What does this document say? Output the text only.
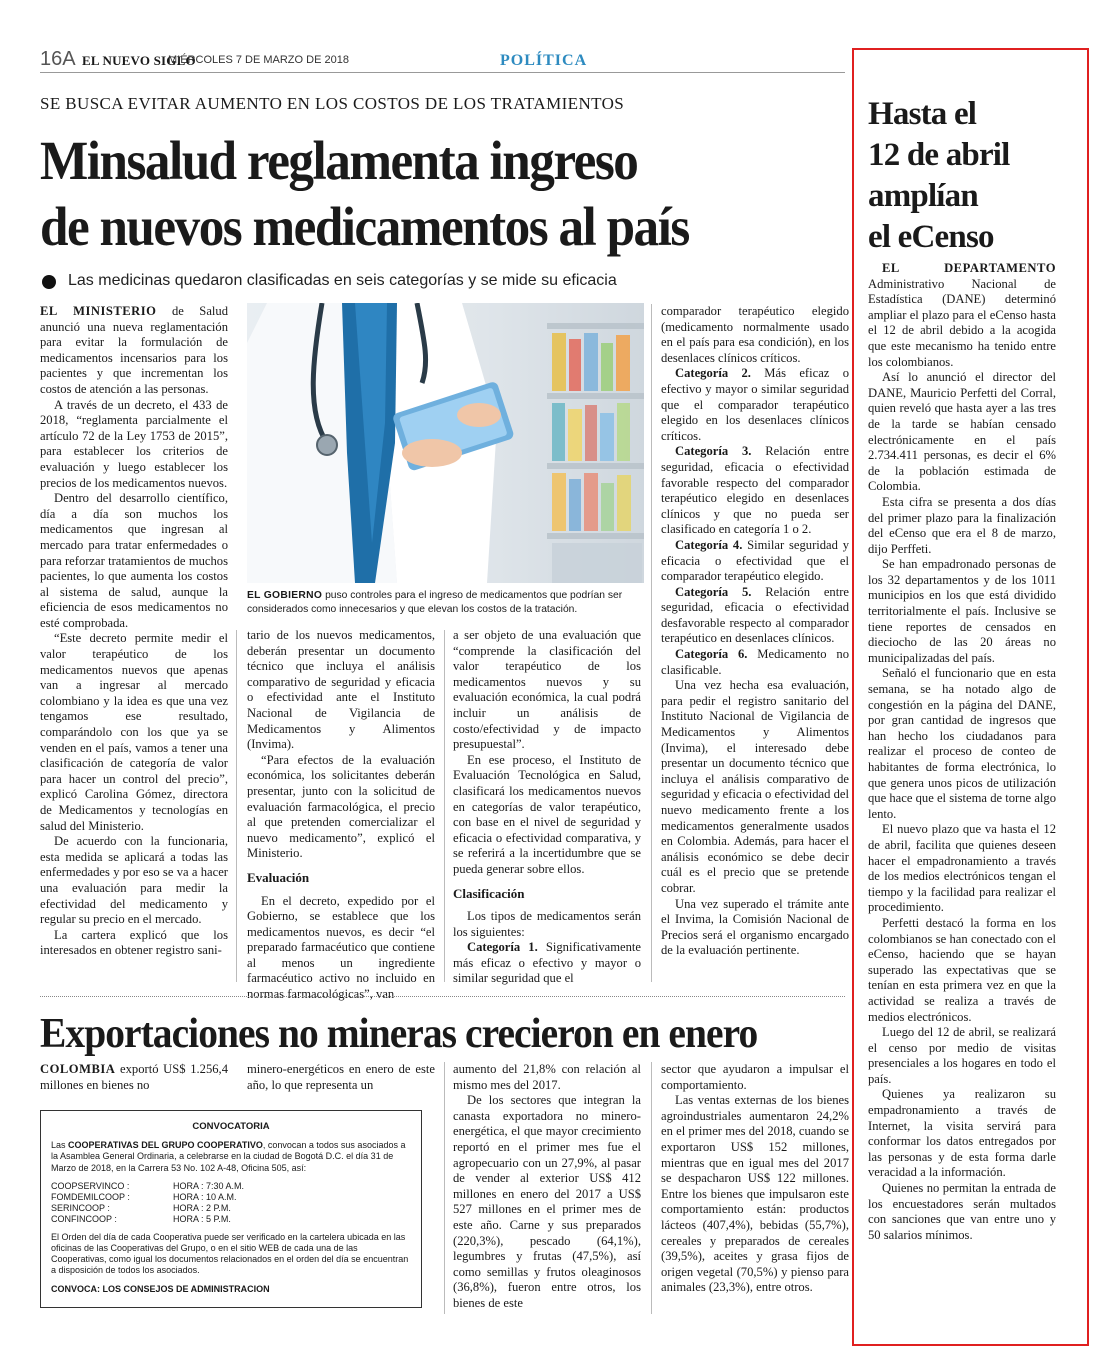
16A EL NUEVO SIGLO
MIÉRCOLES 7 DE MARZO DE 2018	POLÍTICA
SE BUSCA EVITAR AUMENTO EN LOS COSTOS DE LOS TRATAMIENTOS
Minsalud reglamenta ingreso
de nuevos medicamentos al país
Las medicinas quedaron clasificadas en seis categorías y se mide su eficacia

EL MINISTERIO de Salud anunció una nueva reglamentación para evitar la formulación de medicamentos incensarios para los pacientes y que incrementan los costos de atención a las personas.

A través de un decreto, el 433 de 2018, “reglamenta parcialmente el artículo 72 de la Ley 1753 de 2015”, para establecer los criterios de evaluación y luego establecer los precios de los medicamentos nuevos.

Dentro del desarrollo científico, día a día son muchos los medicamentos que ingresan al mercado para tratar enfermedades o para reforzar tratamientos de muchos pacientes, lo que aumenta los costos al sistema de salud, aunque la eficiencia de esos medicamentos no esté comprobada.

“Este decreto permite medir el valor terapéutico de los medicamentos nuevos que apenas van a ingresar al mercado colombiano y la idea es que una vez tengamos ese resultado, comparándolo con los que ya se venden en el país, vamos a tener una clasificación de categoría de valor para hacer un control del precio”, explicó Carolina Gómez, directora de Medicamentos y tecnologías en salud del Ministerio.

De acuerdo con la funcionaria, esta medida se aplicará a todas las enfermedades y por eso se va a hacer una evaluación para medir la efectividad del medicamento y regular su precio en el mercado.

La cartera explicó que los interesados en obtener registro sani-

EL GOBIERNO puso controles para el ingreso de medicamentos que podrían ser considerados como innecesarios y que elevan los costos de la tratación.

tario de los nuevos medicamentos, deberán presentar un documento técnico que incluya el análisis comparativo de seguridad y eficacia o efectividad ante el Instituto Nacional de Vigilancia de Medicamentos y Alimentos (Invima).

“Para efectos de la evaluación económica, los solicitantes deberán presentar, junto con la solicitud de evaluación farmacológica, el precio al que pretenden comercializar el nuevo medicamento”, explicó el Ministerio.

Evaluación

En el decreto, expedido por el Gobierno, se establece que los medicamentos nuevos, es decir “el preparado farmacéutico que contiene al menos un ingrediente farmacéutico activo no incluido en normas farmacológicas”, van

a ser objeto de una evaluación que “comprende la clasificación del valor terapéutico de los medicamentos nuevos y su evaluación económica, la cual podrá incluir un análisis de costo/efectividad y de impacto presupuestal”.

En ese proceso, el Instituto de Evaluación Tecnológica en Salud, clasificará los medicamentos nuevos en categorías de valor terapéutico, con base en el nivel de seguridad y eficacia o efectividad comparativa, y se referirá a la incertidumbre que se pueda generar sobre ellos.

Clasificación

Los tipos de medicamentos serán los siguientes:

Categoría 1. Significativamente más eficaz o efectivo y mayor o similar seguridad que el

comparador terapéutico elegido (medicamento normalmente usado en el país para esa condición), en los desenlaces clínicos críticos.

Categoría 2. Más eficaz o efectivo y mayor o similar seguridad que el comparador terapéutico elegido en los desenlaces clínicos críticos.

Categoría 3. Relación entre seguridad, eficacia o efectividad favorable respecto del comparador terapéutico elegido en desenlaces clínicos y que no pueda ser clasificado en categoría 1 o 2.

Categoría 4. Similar seguridad y eficacia o efectividad que el comparador terapéutico elegido.

Categoría 5. Relación entre seguridad, eficacia o efectividad desfavorable respecto al comparador terapéutico en desenlaces clínicos.

Categoría 6. Medicamento no clasificable.

Una vez hecha esa evaluación, para pedir el registro sanitario del Instituto Nacional de Vigilancia de Medicamentos y Alimentos (Invima), el interesado debe presentar un documento técnico que incluya el análisis comparativo de seguridad y eficacia o efectividad del nuevo medicamento frente a los medicamentos generalmente usados en Colombia. Además, para hacer el análisis económico se debe decir cuál es el precio que se pretende cobrar.

Una vez superado el trámite ante el Invima, la Comisión Nacional de Precios será el organismo encargado de la evaluación pertinente.

Exportaciones no mineras crecieron en enero

COLOMBIA exportó US$ 1.256,4 millones en bienes no

minero-energéticos en enero de este año, lo que representa un

aumento del 21,8% con relación al mismo mes del 2017.

De los sectores que integran la canasta exportadora no minero-energética, el que mayor crecimiento reportó en el primer mes fue el agropecuario con un 27,9%, al pasar de vender al exterior US$ 412 millones en enero del 2017 a US$ 527 millones en el primer mes de este año. Carne y sus preparados (220,3%), pescado (64,1%), legumbres y frutas (47,5%), así como semillas y frutos oleaginosos (36,8%), fueron entre otros, los bienes de este

sector que ayudaron a impulsar el comportamiento.

Las ventas externas de los bienes agroindustriales aumentaron 24,2% en el primer mes del 2018, cuando se exportaron US$ 152 millones, mientras que en igual mes del 2017 se despacharon US$ 122 millones. Entre los bienes que impulsaron este comportamiento están: productos lácteos (407,4%), bebidas (55,7%), cereales y preparados de cereales (39,5%), aceites y grasa fijos de origen vegetal (70,5%) y pienso para animales (23,3%), entre otros.

CONVOCATORIA
Las COOPERATIVAS DEL GRUPO COOPERATIVO, convocan a todos sus asociados a la Asamblea General Ordinaria, a celebrarse en la ciudad de Bogotá D.C. el día 31 de Marzo de 2018, en la Carrera 53 No. 102 A-48, Oficina 505, así:
COOPSERVINCO :	HORA : 7:30 A.M.
FOMDEMILCOOP :	HORA : 10 A.M.
SERINCOOP :	HORA : 2 P.M.
CONFINCOOP :	HORA : 5 P.M.
El Orden del día de cada Cooperativa puede ser verificado en la cartelera ubicada en las oficinas de las Cooperativas del Grupo, o en el sitio WEB de cada una de las Cooperativas, como igual los documentos relacionados en el orden del día se encuentran a disposición de todos los asociados.
CONVOCA: LOS CONSEJOS DE ADMINISTRACION
Hasta el
12 de abril
amplían
el eCenso

EL DEPARTAMENTO Administrativo Nacional de Estadística (DANE) determinó ampliar el plazo para el eCenso hasta el 12 de abril debido a la acogida que este mecanismo ha tenido entre los colombianos.

Así lo anunció el director del DANE, Mauricio Perfetti del Corral, quien reveló que hasta ayer a las tres de la tarde se habían censado electrónicamente en el país 2.734.411 personas, es decir el 6% de la población estimada de Colombia.

Esta cifra se presenta a dos días del primer plazo para la finalización del eCenso que era el 8 de marzo, dijo Perffeti.

Se han empadronado personas de los 32 departamentos y de los 1011 municipios en los que está dividido territorialmente el país. Inclusive se tiene reportes de censados en dieciocho de las 20 áreas no municipalizadas del país.

Señaló el funcionario que en esta semana, se ha notado algo de congestión en la página del DANE, por gran cantidad de ingresos que han hecho los ciudadanos para realizar el proceso de conteo de habitantes de forma electrónica, lo que genera unos picos de utilización que hace que el sistema de torne algo lento.

El nuevo plazo que va hasta el 12 de abril, facilita que quienes deseen hacer el empadronamiento a través de los medios electrónicos tengan el tiempo y la facilidad para realizar el procedimiento.

Perfetti destacó la forma en los colombianos se han conectado con el eCenso, haciendo que se hayan superado las expectativas que se tenían en esta primera vez en que la actividad se realiza a través de medios electrónicos.

Luego del 12 de abril, se realizará el censo por medio de visitas presenciales a los hogares en todo el país.

Quienes ya realizaron su empadronamiento a través de Internet, la visita servirá para conformar los datos entregados por las personas y de esta forma darle veracidad a la información.

Quienes no permitan la entrada de los encuestadores serán multados con sanciones que van entre uno y 50 salarios mínimos.
